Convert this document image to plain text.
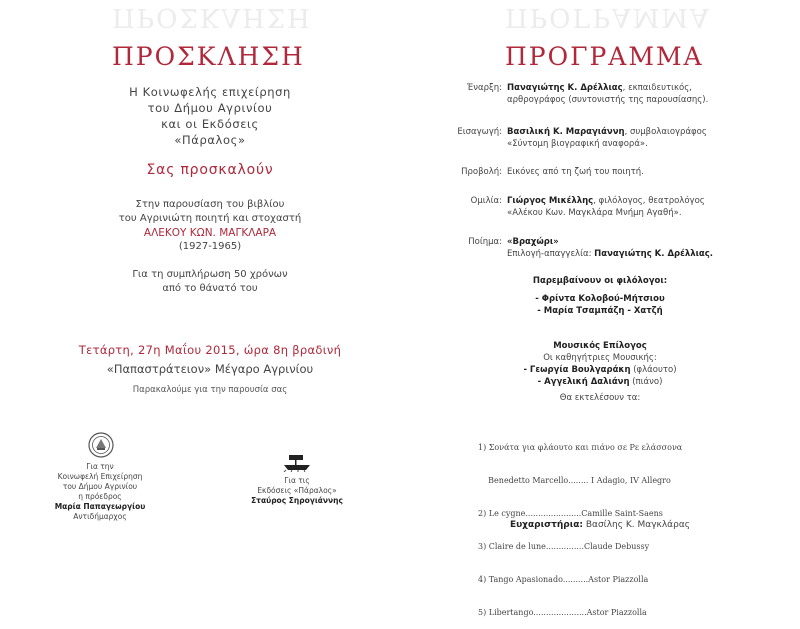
ΠΡΟΣΚΛΗΣΗ
ΠΡΟΣΚΛΗΣΗ
Η Κοινωφελής επιχείρηση
του Δήμου Αγρινίου
και οι Εκδόσεις
«Πάραλος»
Σας προσκαλούν
Στην παρουσίαση του βιβλίου
του Αγρινιώτη ποιητή και στοχαστή
ΑΛΕΚΟΥ ΚΩΝ. ΜΑΓΚΛΑΡΑ
(1927-1965)
Για τη συμπλήρωση 50 χρόνων
από το θάνατό του
Τετάρτη, 27η Μαΐου 2015, ώρα 8η βραδινή
«Παπαστράτειον» Μέγαρο Αγρινίου
Παρακαλούμε για την παρουσία σας
Για την
Κοινωφελή Επιχείρηση
του Δήμου Αγρινίου
η πρόεδρος
Μαρία Παπαγεωργίου
Αντιδήμαρχος
Για τις
Εκδόσεις «Πάραλος»
Σταύρος Σηρογιάννης
ΠΡΟΓΡΑΜΜΑ
ΠΡΟΓΡΑΜΜΑ
Έναρξη: Παναγιώτης Κ. Δρέλλιας, εκπαιδευτικός,
αρθρογράφος (συντονιστής της παρουσίασης).
Εισαγωγή: Βασιλική Κ. Μαραγιάννη, συμβολαιογράφος
«Σύντομη βιογραφική αναφορά».
Προβολή: Εικόνες από τη ζωή του ποιητή.
Ομιλία: Γιώργος Μικέλλης, φιλόλογος, θεατρολόγος
«Αλέκου Κων. Μαγκλάρα Μνήμη Αγαθή».
Ποίημα: «Βραχώρι»
Επιλογή-απαγγελία: Παναγιώτης Κ. Δρέλλιας.
Παρεμβαίνουν οι φιλόλογοι:
- Φρίντα Κολοβού-Μήτσιου
- Μαρία Τσαμπάζη - Χατζή
Μουσικός Επίλογος
Οι καθηγήτριες Μουσικής:
- Γεωργία Βουλγαράκη (φλάουτο)
- Αγγελική Δαλιάνη (πιάνο)
Θα εκτελέσουν τα:

1) Σονάτα για φλάουτο και πιάνο σε Ρε ελάσσονα

Benedetto Marcello........ I Adagio, IV Allegro

2) Le cygne......................Camille Saint-Saens

3) Claire de lune...............Claude Debussy

4) Tango Apasionado..........Astor Piazzolla

5) Libertango.....................Astor Piazzolla

Ευχαριστήρια: Βασίλης Κ. Μαγκλάρας
